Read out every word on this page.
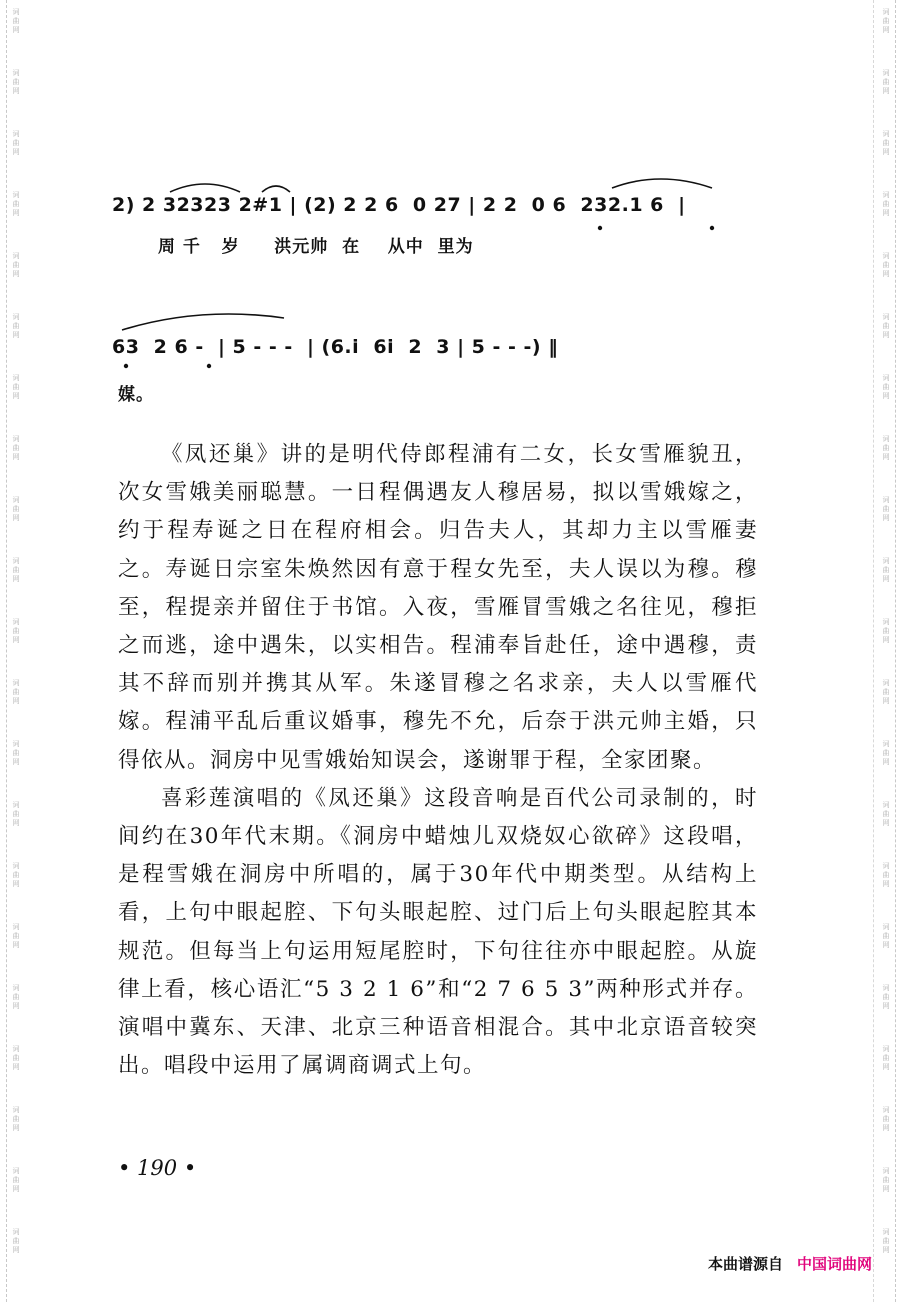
词
曲
网
词
曲
网
词
曲
网
词
曲
网
词
曲
网
词
曲
网
词
曲
网
词
曲
网
词
曲
网
词
曲
网
词
曲
网
词
曲
网
词
曲
网
词
曲
网
词
曲
网
词
曲
网
词
曲
网
词
曲
网
词
曲
网
词
曲
网
词
曲
网
词
曲
网
词
曲
网
词
曲
网
词
曲
网
词
曲
网
词
曲
网
词
曲
网
词
曲
网
词
曲
网
词
曲
网
词
曲
网
词
曲
网
词
曲
网
词
曲
网
词
曲
网
词
曲
网
词
曲
网
词
曲
网
词
曲
网
词
曲
网
词
曲
网
2) 2 32323 2#1 | (2) 2 2 6  0 27 | 2 2  0 6  232.1 6  |
周 千   岁     洪元帅  在    从中  里为
63  2 6 -  | 5 - - -  | (6.i  6i  2  3 | 5 - - -) ‖
媒。

《凤还巢》讲的是明代侍郎程浦有二女，长女雪雁貌丑，次女雪娥美丽聪慧。一日程偶遇友人穆居易，拟以雪娥嫁之，约于程寿诞之日在程府相会。归告夫人，其却力主以雪雁妻之。寿诞日宗室朱焕然因有意于程女先至，夫人误以为穆。穆至，程提亲并留住于书馆。入夜，雪雁冒雪娥之名往见，穆拒之而逃，途中遇朱，以实相告。程浦奉旨赴任，途中遇穆，责其不辞而别并携其从军。朱遂冒穆之名求亲，夫人以雪雁代嫁。程浦平乱后重议婚事，穆先不允，后奈于洪元帅主婚，只得依从。洞房中见雪娥始知误会，遂谢罪于程，全家团聚。

喜彩莲演唱的《凤还巢》这段音响是百代公司录制的，时间约在30年代末期。《洞房中蜡烛儿双烧奴心欲碎》这段唱，是程雪娥在洞房中所唱的，属于30年代中期类型。从结构上看，上句中眼起腔、下句头眼起腔、过门后上句头眼起腔其本规范。但每当上句运用短尾腔时，下句往往亦中眼起腔。从旋律上看，核心语汇“5 3 2 1 6”和“2 7 6 5 3”两种形式并存。演唱中冀东、天津、北京三种语音相混合。其中北京语音较突出。唱段中运用了属调商调式上句。

• 190 •
本曲谱源自 中国词曲网
